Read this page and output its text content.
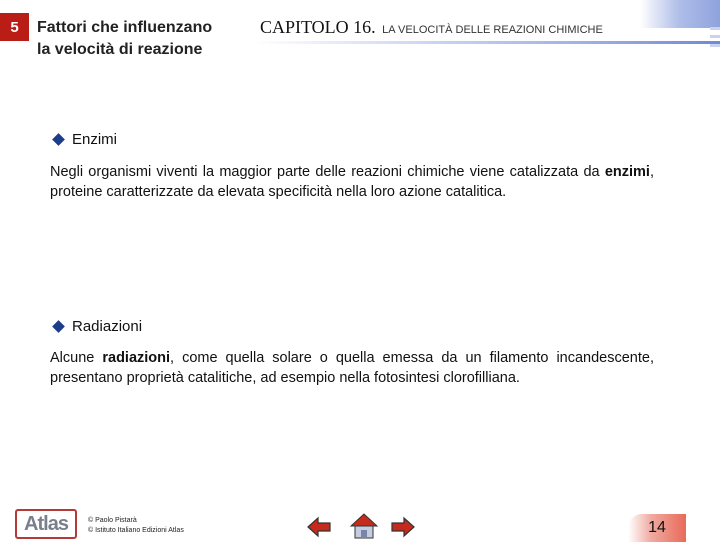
5	Fattori che influenzano
la velocità di reazione
CAPITOLO 16. LA VELOCITÀ DELLE REAZIONI CHIMICHE
Enzimi
Negli organismi viventi la maggior parte delle reazioni chimiche viene catalizzata da enzimi, proteine caratterizzate da elevata specificità nella loro azione catalitica.
Radiazioni
Alcune radiazioni, come quella solare o quella emessa da un filamento incandescente, presentano proprietà catalitiche, ad esempio nella fotosintesi clorofilliana.
Atlas	© Paolo Pistarà
© Istituto Italiano Edizioni Atlas	14
